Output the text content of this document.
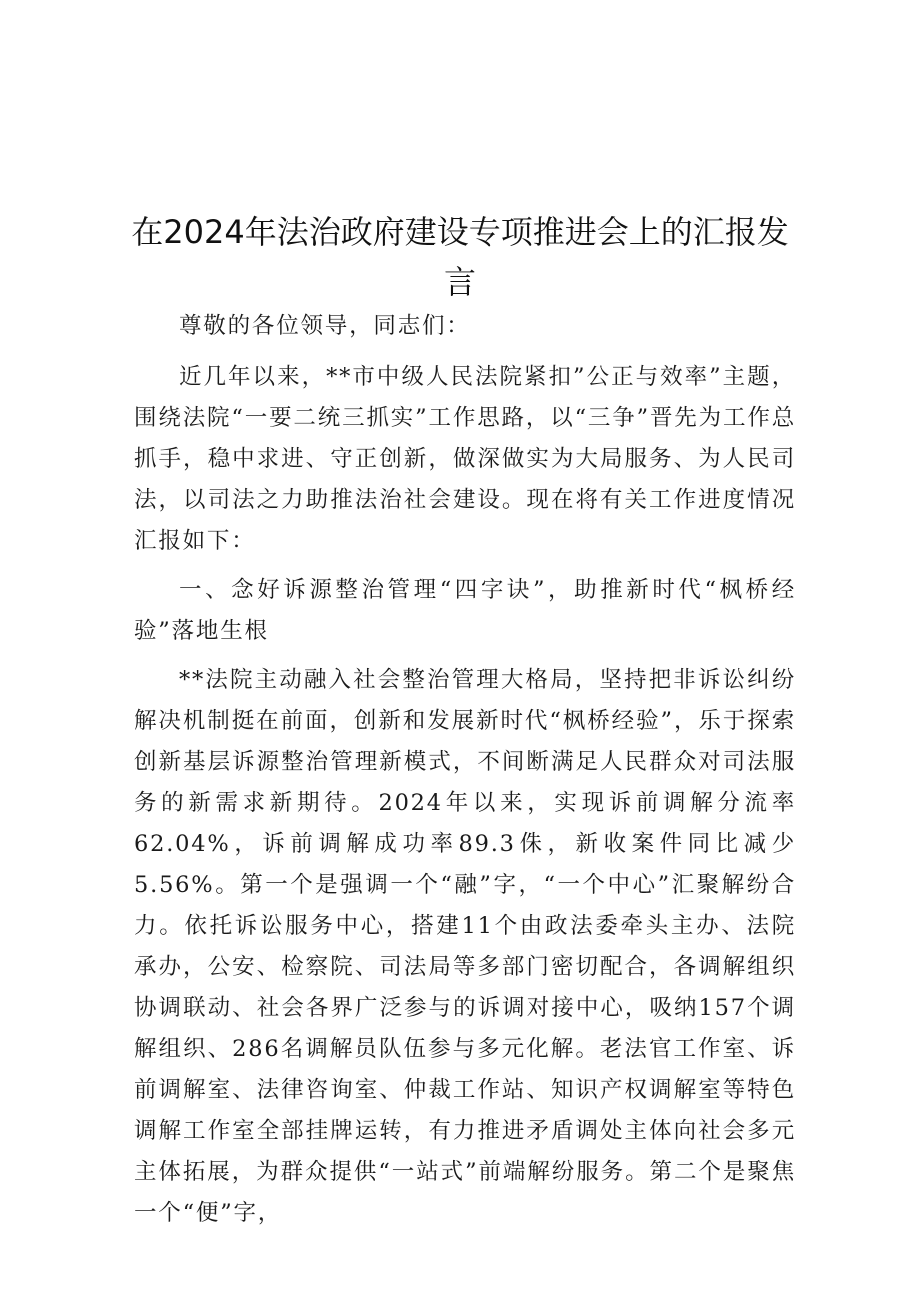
在2024年法治政府建设专项推进会上的汇报发言

尊敬的各位领导，同志们：

近几年以来，**市中级人民法院紧扣”公正与效率”主题，围绕法院“一要二统三抓实”工作思路，以“三争”晋先为工作总抓手，稳中求进、守正创新，做深做实为大局服务、为人民司法，以司法之力助推法治社会建设。现在将有关工作进度情况汇报如下：

一、念好诉源整治管理“四字诀”，助推新时代“枫桥经验”落地生根

**法院主动融入社会整治管理大格局，坚持把非诉讼纠纷解决机制挺在前面，创新和发展新时代“枫桥经验”，乐于探索创新基层诉源整治管理新模式，不间断满足人民群众对司法服务的新需求新期待。2024年以来，实现诉前调解分流率62.04%，诉前调解成功率89.3侏，新收案件同比减少5.56%。第一个是强调一个“融”字，“一个中心”汇聚解纷合力。依托诉讼服务中心，搭建11个由政法委牵头主办、法院承办，公安、检察院、司法局等多部门密切配合，各调解组织协调联动、社会各界广泛参与的诉调对接中心，吸纳157个调解组织、286名调解员队伍参与多元化解。老法官工作室、诉前调解室、法律咨询室、仲裁工作站、知识产权调解室等特色调解工作室全部挂牌运转，有力推进矛盾调处主体向社会多元主体拓展，为群众提供“一站式”前端解纷服务。第二个是聚焦一个“便”字，
